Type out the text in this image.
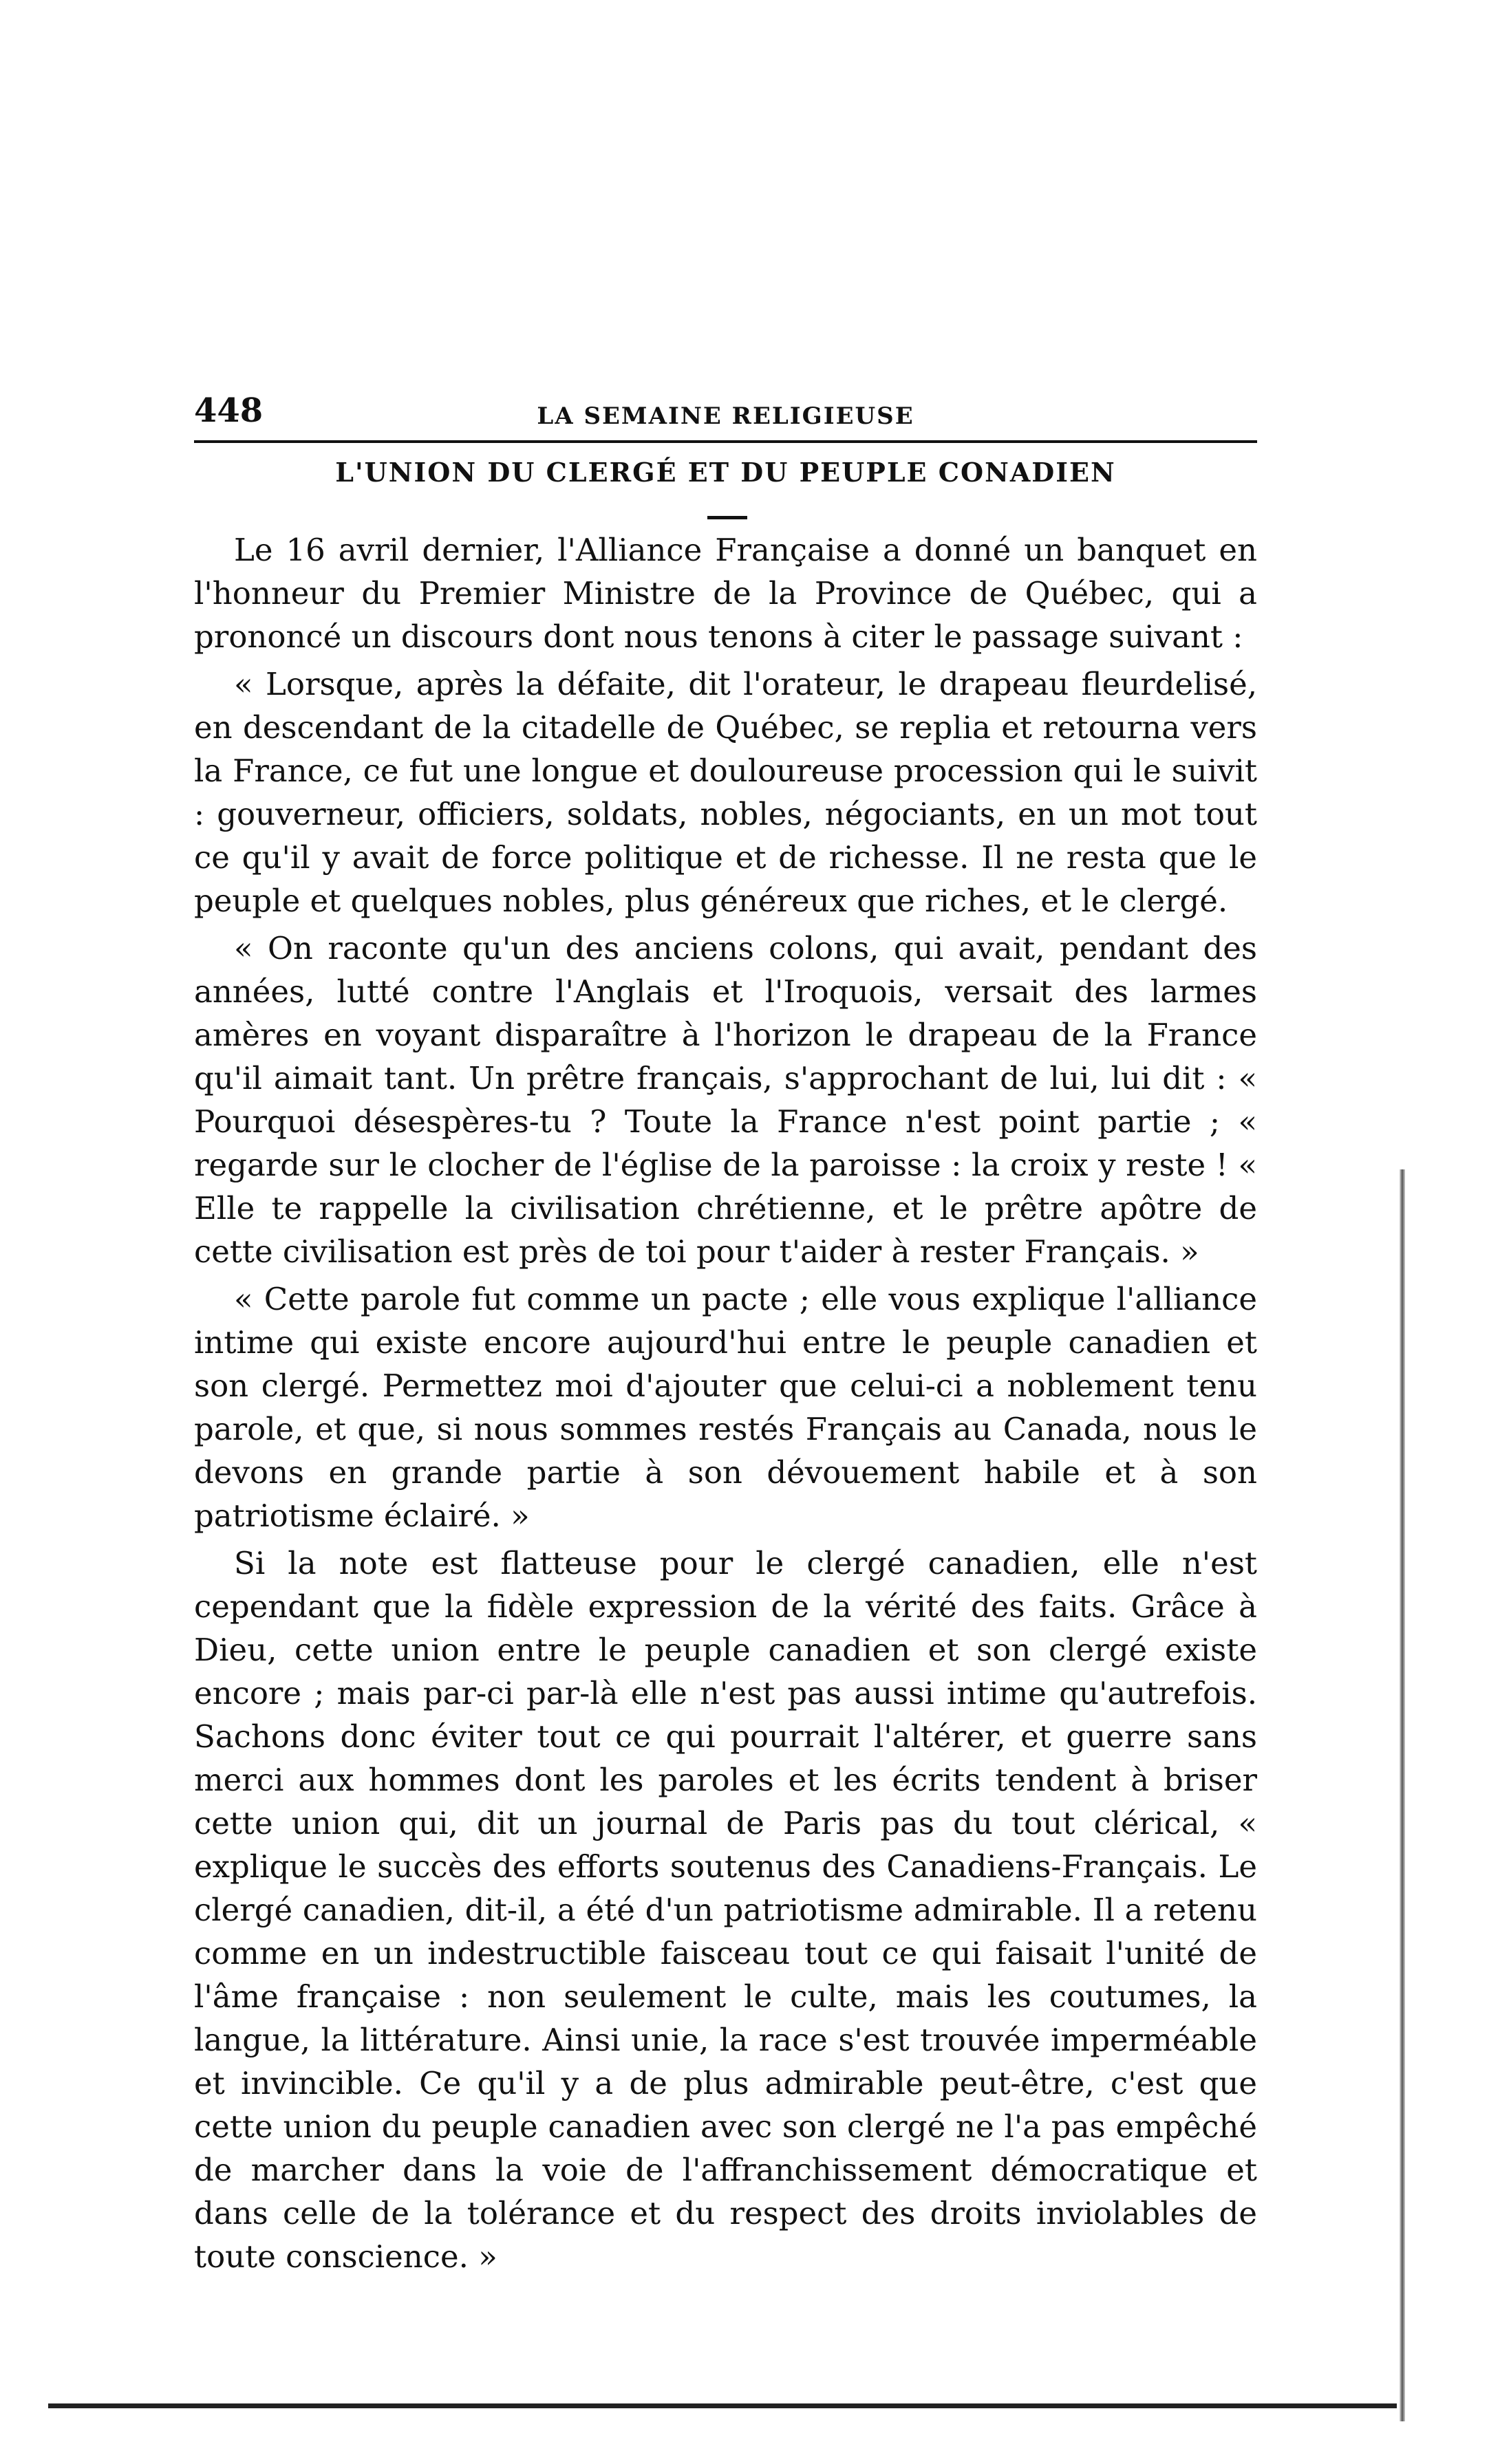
448	LA SEMAINE RELIGIEUSE
L'UNION DU CLERGÉ ET DU PEUPLE CONADIEN

Le 16 avril dernier, l'Alliance Française a donné un banquet en l'honneur du Premier Ministre de la Province de Québec, qui a prononcé un discours dont nous tenons à citer le passage suivant :

« Lorsque, après la défaite, dit l'orateur, le drapeau fleurdelisé, en descendant de la citadelle de Québec, se replia et retourna vers la France, ce fut une longue et douloureuse procession qui le suivit : gouverneur, officiers, soldats, nobles, négociants, en un mot tout ce qu'il y avait de force politique et de richesse. Il ne resta que le peuple et quelques nobles, plus généreux que riches, et le clergé.

« On raconte qu'un des anciens colons, qui avait, pendant des années, lutté contre l'Anglais et l'Iroquois, versait des larmes amères en voyant disparaître à l'horizon le drapeau de la France qu'il aimait tant. Un prêtre français, s'approchant de lui, lui dit : « Pourquoi désespères-tu ? Toute la France n'est point partie ; « regarde sur le clocher de l'église de la paroisse : la croix y reste ! « Elle te rappelle la civilisation chrétienne, et le prêtre apôtre de cette civilisation est près de toi pour t'aider à rester Français. »

« Cette parole fut comme un pacte ; elle vous explique l'alliance intime qui existe encore aujourd'hui entre le peuple canadien et son clergé. Permettez moi d'ajouter que celui-ci a noblement tenu parole, et que, si nous sommes restés Français au Canada, nous le devons en grande partie à son dévouement habile et à son patriotisme éclairé. »

Si la note est flatteuse pour le clergé canadien, elle n'est cependant que la fidèle expression de la vérité des faits. Grâce à Dieu, cette union entre le peuple canadien et son clergé existe encore ; mais par-ci par-là elle n'est pas aussi intime qu'autrefois. Sachons donc éviter tout ce qui pourrait l'altérer, et guerre sans merci aux hommes dont les paroles et les écrits tendent à briser cette union qui, dit un journal de Paris pas du tout clérical, « explique le succès des efforts soutenus des Canadiens-Français. Le clergé canadien, dit-il, a été d'un patriotisme admirable. Il a retenu comme en un indestructible faisceau tout ce qui faisait l'unité de l'âme française : non seulement le culte, mais les coutumes, la langue, la littérature. Ainsi unie, la race s'est trouvée imperméable et invincible. Ce qu'il y a de plus admirable peut-être, c'est que cette union du peuple canadien avec son clergé ne l'a pas empêché de marcher dans la voie de l'affranchissement démocratique et dans celle de la tolérance et du respect des droits inviolables de toute conscience. »
